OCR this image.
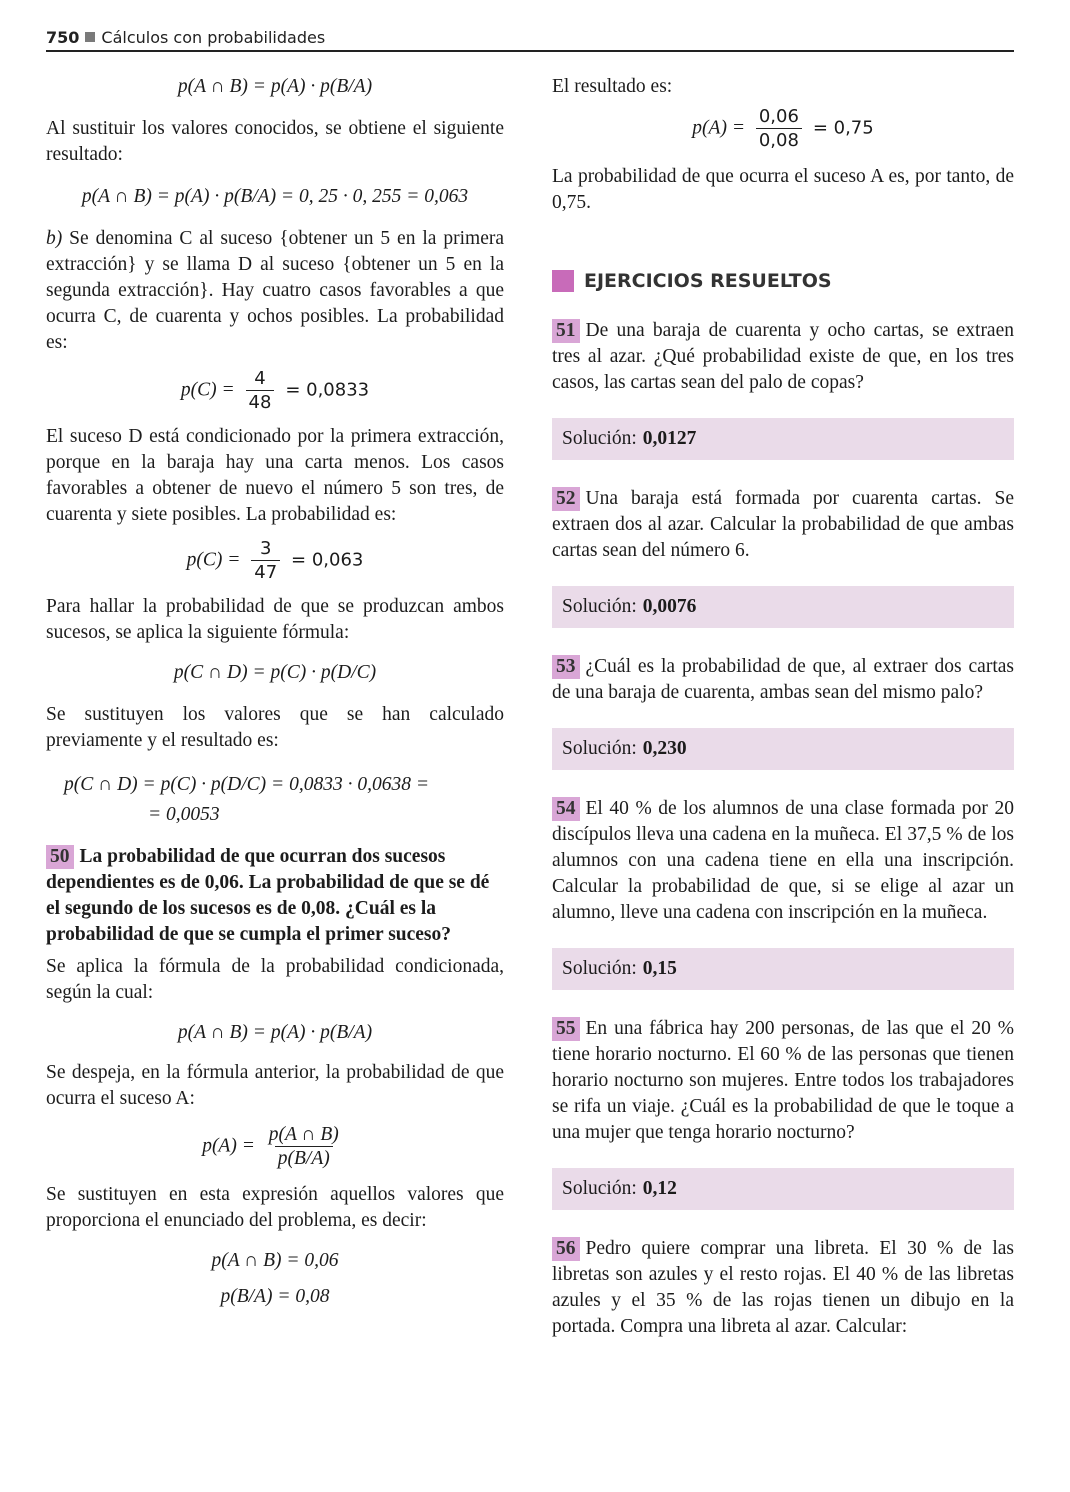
750 Cálculos con probabilidades
p(A ∩ B) = p(A) · p(B/A)

Al sustituir los valores conocidos, se obtiene el siguiente resultado:

p(A ∩ B) = p(A) · p(B/A) = 0, 25 · 0, 255 = 0,063

b) Se denomina C al suceso {obtener un 5 en la primera extracción} y se llama D al suceso {obtener un 5 en la segunda extracción}. Hay cuatro casos favorables a que ocurra C, de cuarenta y ochos posibles. La probabilidad es:

$p(C) = \frac{4}{48} = 0,0833$

El suceso D está condicionado por la primera extracción, porque en la baraja hay una carta menos. Los casos favorables a obtener de nuevo el número 5 son tres, de cuarenta y siete posibles. La probabilidad es:

$p(C) = \frac{3}{47} = 0,063$

Para hallar la probabilidad de que se produzcan ambos sucesos, se aplica la siguiente fórmula:

p(C ∩ D) = p(C) · p(D/C)

Se sustituyen los valores que se han calculado previamente y el resultado es:

p(C ∩ D) = p(C) · p(D/C) = 0,0833 · 0,0638 =
= 0,0053

50 La probabilidad de que ocurran dos sucesos dependientes es de 0,06. La probabilidad de que se dé el segundo de los sucesos es de 0,08. ¿Cuál es la probabilidad de que se cumpla el primer suceso?

Se aplica la fórmula de la probabilidad condicionada, según la cual:

p(A ∩ B) = p(A) · p(B/A)

Se despeja, en la fórmula anterior, la probabilidad de que ocurra el suceso A:

$p(A) = \frac{p(A \cap B)}{p(B/A)}$

Se sustituyen en esta expresión aquellos valores que proporciona el enunciado del problema, es decir:

p(A ∩ B) = 0,06
p(B/A) = 0,08

El resultado es:

$p(A) = \frac{0,06}{0,08} = 0,75$

La probabilidad de que ocurra el suceso A es, por tanto, de 0,75.

EJERCICIOS RESUELTOS

51 De una baraja de cuarenta y ocho cartas, se extraen tres al azar. ¿Qué probabilidad existe de que, en los tres casos, las cartas sean del palo de copas?

Solución: 0,0127

52 Una baraja está formada por cuarenta cartas. Se extraen dos al azar. Calcular la probabilidad de que ambas cartas sean del número 6.

Solución: 0,0076

53 ¿Cuál es la probabilidad de que, al extraer dos cartas de una baraja de cuarenta, ambas sean del mismo palo?

Solución: 0,230

54 El 40 % de los alumnos de una clase formada por 20 discípulos lleva una cadena en la muñeca. El 37,5 % de los alumnos con una cadena tiene en ella una inscripción. Calcular la probabilidad de que, si se elige al azar un alumno, lleve una cadena con inscripción en la muñeca.

Solución: 0,15

55 En una fábrica hay 200 personas, de las que el 20 % tiene horario nocturno. El 60 % de las personas que tienen horario nocturno son mujeres. Entre todos los trabajadores se rifa un viaje. ¿Cuál es la probabilidad de que le toque a una mujer que tenga horario nocturno?

Solución: 0,12

56 Pedro quiere comprar una libreta. El 30 % de las libretas son azules y el resto rojas. El 40 % de las libretas azules y el 35 % de las rojas tienen un dibujo en la portada. Compra una libreta al azar. Calcular:
